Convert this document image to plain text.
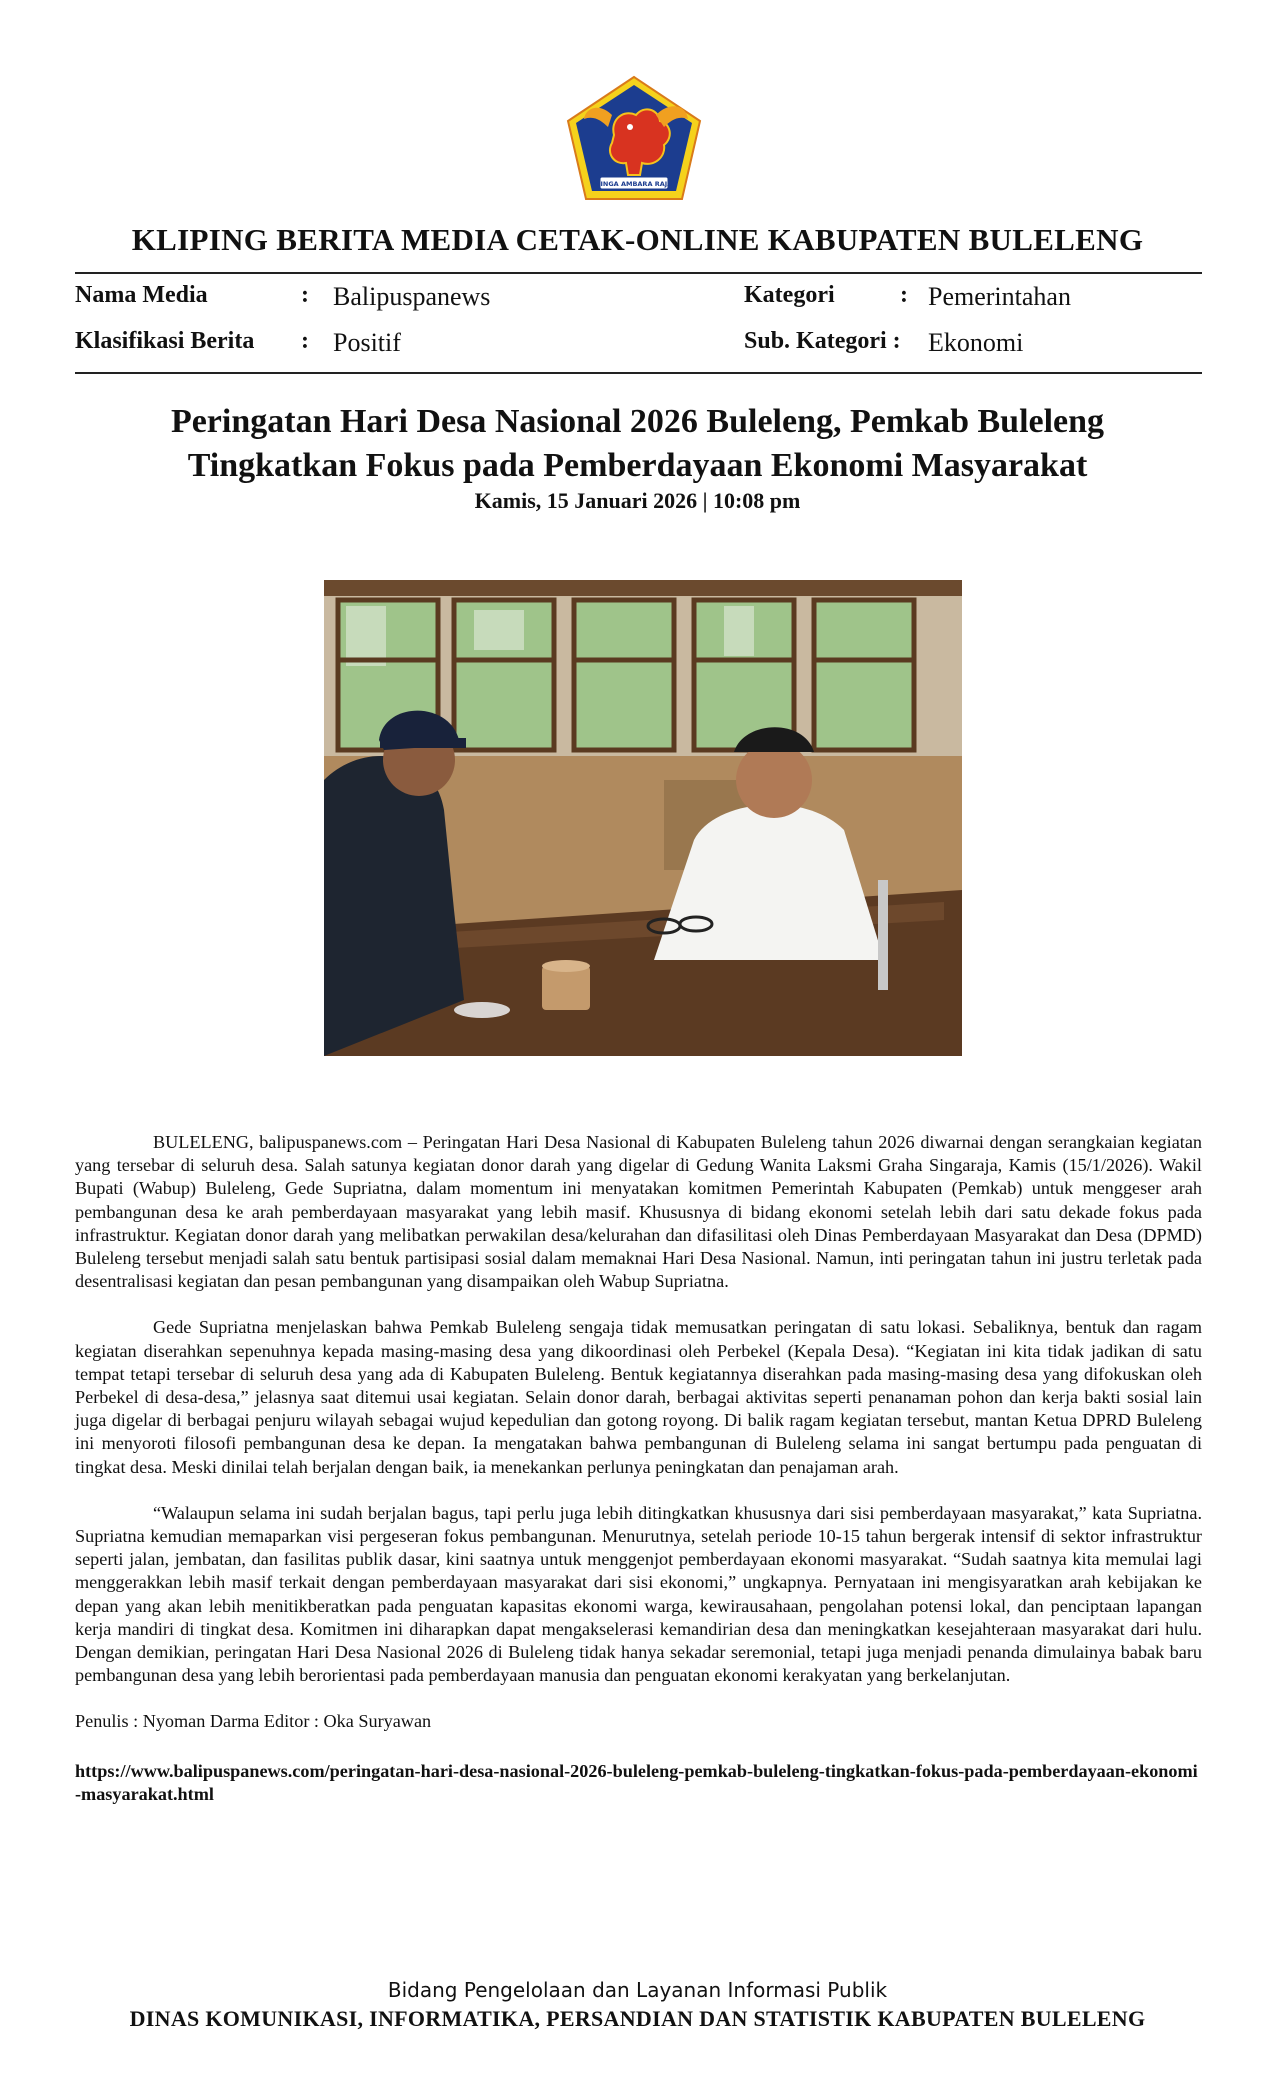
SINGA AMBARA RAJA
KLIPING BERITA MEDIA CETAK-ONLINE KABUPATEN BULELENG
Nama Media	: Balipuspanews	Kategori	: Pemerintahan
Klasifikasi Berita : Positif	Sub. Kategori : Ekonomi
Peringatan Hari Desa Nasional 2026 Buleleng, Pemkab Buleleng
Tingkatkan Fokus pada Pemberdayaan Ekonomi Masyarakat
Kamis, 15 Januari 2026 | 10:08 pm

BULELENG, balipuspanews.com – Peringatan Hari Desa Nasional di Kabupaten Buleleng tahun 2026 diwarnai dengan serangkaian kegiatan yang tersebar di seluruh desa. Salah satunya kegiatan donor darah yang digelar di Gedung Wanita Laksmi Graha Singaraja, Kamis (15/1/2026). Wakil Bupati (Wabup) Buleleng, Gede Supriatna, dalam momentum ini menyatakan komitmen Pemerintah Kabupaten (Pemkab) untuk menggeser arah pembangunan desa ke arah pemberdayaan masyarakat yang lebih masif. Khususnya di bidang ekonomi setelah lebih dari satu dekade fokus pada infrastruktur. Kegiatan donor darah yang melibatkan perwakilan desa/kelurahan dan difasilitasi oleh Dinas Pemberdayaan Masyarakat dan Desa (DPMD) Buleleng tersebut menjadi salah satu bentuk partisipasi sosial dalam memaknai Hari Desa Nasional. Namun, inti peringatan tahun ini justru terletak pada desentralisasi kegiatan dan pesan pembangunan yang disampaikan oleh Wabup Supriatna.

Gede Supriatna menjelaskan bahwa Pemkab Buleleng sengaja tidak memusatkan peringatan di satu lokasi. Sebaliknya, bentuk dan ragam kegiatan diserahkan sepenuhnya kepada masing-masing desa yang dikoordinasi oleh Perbekel (Kepala Desa). “Kegiatan ini kita tidak jadikan di satu tempat tetapi tersebar di seluruh desa yang ada di Kabupaten Buleleng. Bentuk kegiatannya diserahkan pada masing-masing desa yang difokuskan oleh Perbekel di desa-desa,” jelasnya saat ditemui usai kegiatan. Selain donor darah, berbagai aktivitas seperti penanaman pohon dan kerja bakti sosial lain juga digelar di berbagai penjuru wilayah sebagai wujud kepedulian dan gotong royong. Di balik ragam kegiatan tersebut, mantan Ketua DPRD Buleleng ini menyoroti filosofi pembangunan desa ke depan. Ia mengatakan bahwa pembangunan di Buleleng selama ini sangat bertumpu pada penguatan di tingkat desa. Meski dinilai telah berjalan dengan baik, ia menekankan perlunya peningkatan dan penajaman arah.

“Walaupun selama ini sudah berjalan bagus, tapi perlu juga lebih ditingkatkan khususnya dari sisi pemberdayaan masyarakat,” kata Supriatna. Supriatna kemudian memaparkan visi pergeseran fokus pembangunan. Menurutnya, setelah periode 10-15 tahun bergerak intensif di sektor infrastruktur seperti jalan, jembatan, dan fasilitas publik dasar, kini saatnya untuk menggenjot pemberdayaan ekonomi masyarakat. “Sudah saatnya kita memulai lagi menggerakkan lebih masif terkait dengan pemberdayaan masyarakat dari sisi ekonomi,” ungkapnya. Pernyataan ini mengisyaratkan arah kebijakan ke depan yang akan lebih menitikberatkan pada penguatan kapasitas ekonomi warga, kewirausahaan, pengolahan potensi lokal, dan penciptaan lapangan kerja mandiri di tingkat desa. Komitmen ini diharapkan dapat mengakselerasi kemandirian desa dan meningkatkan kesejahteraan masyarakat dari hulu. Dengan demikian, peringatan Hari Desa Nasional 2026 di Buleleng tidak hanya sekadar seremonial, tetapi juga menjadi penanda dimulainya babak baru pembangunan desa yang lebih berorientasi pada pemberdayaan manusia dan penguatan ekonomi kerakyatan yang berkelanjutan.

Penulis : Nyoman Darma Editor : Oka Suryawan

https://www.balipuspanews.com/peringatan-hari-desa-nasional-2026-buleleng-pemkab-buleleng-tingkatkan-fokus-pada-pemberdayaan-ekonomi-masyarakat.html

Bidang Pengelolaan dan Layanan Informasi Publik
DINAS KOMUNIKASI, INFORMATIKA, PERSANDIAN DAN STATISTIK KABUPATEN BULELENG
